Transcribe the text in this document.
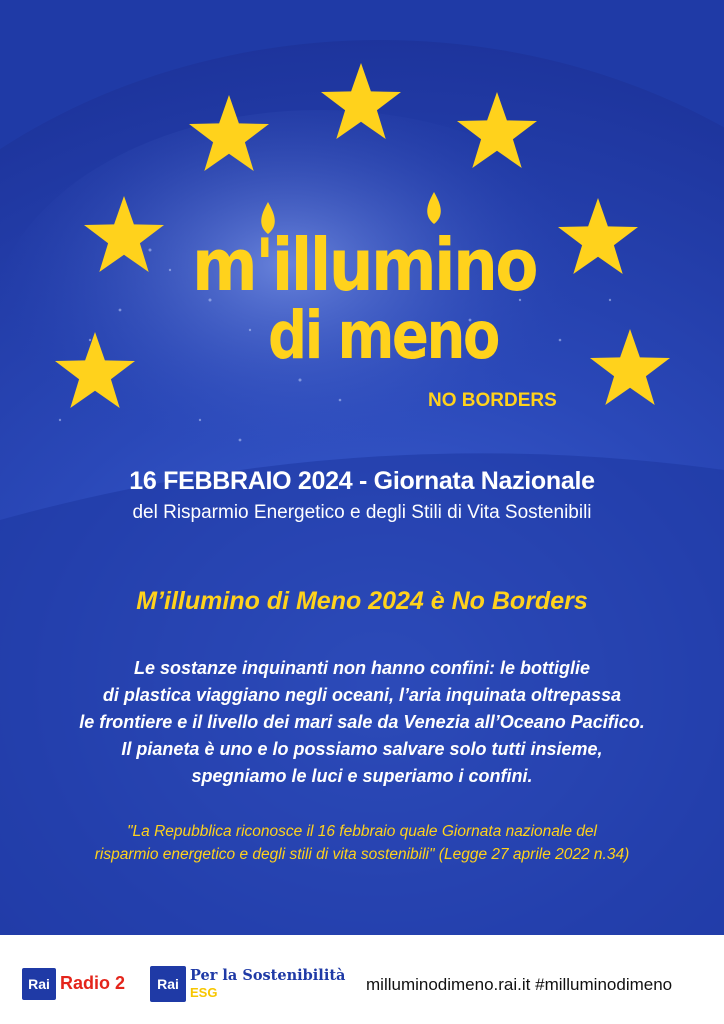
m'illumino
di meno
NO BORDERS
16 FEBBRAIO 2024 - Giornata Nazionale
del Risparmio Energetico e degli Stili di Vita Sostenibili
M’illumino di Meno 2024 è No Borders
Le sostanze inquinanti non hanno confini: le bottiglie
di plastica viaggiano negli oceani, l’aria inquinata oltrepassa
le frontiere e il livello dei mari sale da Venezia all’Oceano Pacifico.
Il pianeta è uno e lo possiamo salvare solo tutti insieme,
spegniamo le luci e superiamo i confini.
"La Repubblica riconosce il 16 febbraio quale Giornata nazionale del
risparmio energetico e degli stili di vita sostenibili" (Legge 27 aprile 2022 n.34)
Rai Radio 2 Rai Per la Sostenibilità
ESG	milluminodimeno.rai.it #milluminodimeno
